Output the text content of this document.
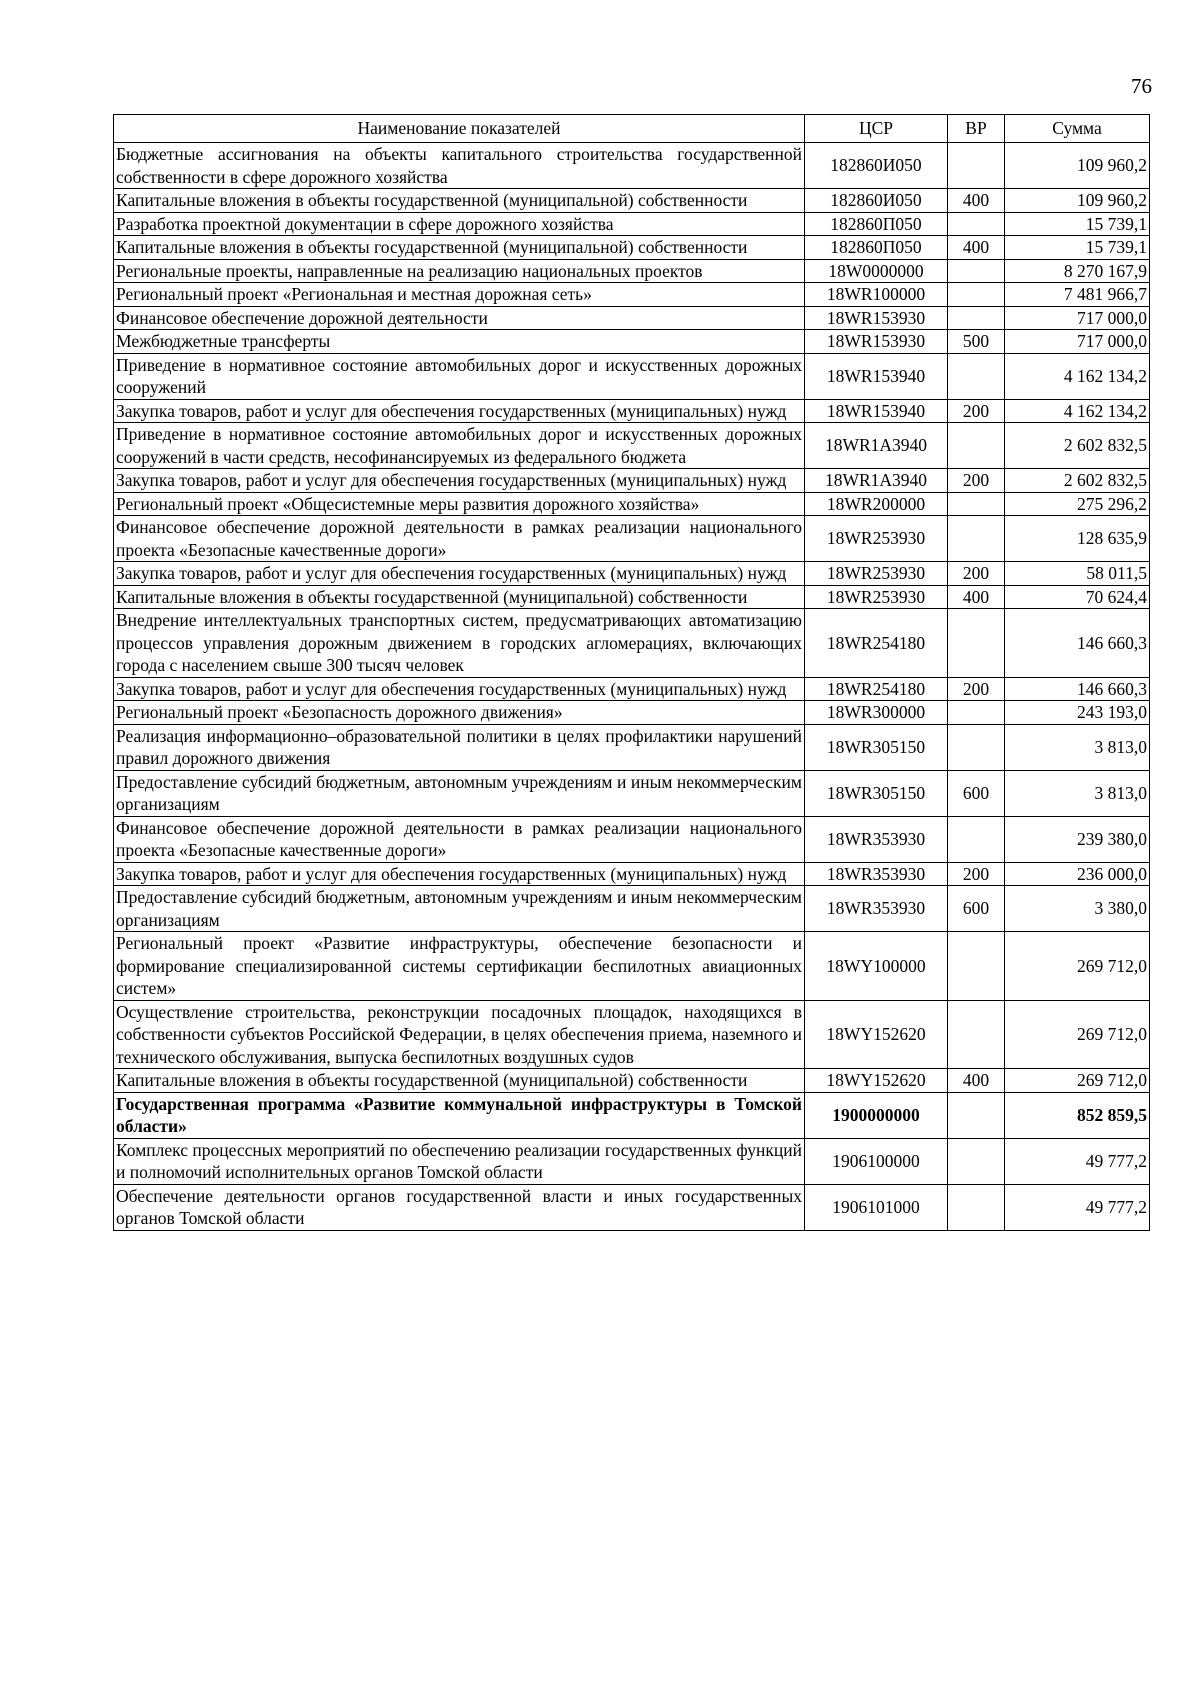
76
Наименование показателей	ЦСР	ВР	Сумма
Бюджетные ассигнования на объекты капитального строительства государственной собственности в сфере дорожного хозяйства	182860И050		109 960,2
Капитальные вложения в объекты государственной (муниципальной) собственности	182860И050	400	109 960,2
Разработка проектной документации в сфере дорожного хозяйства	182860П050		15 739,1
Капитальные вложения в объекты государственной (муниципальной) собственности	182860П050	400	15 739,1
Региональные проекты, направленные на реализацию национальных проектов	18W0000000		8 270 167,9
Региональный проект «Региональная и местная дорожная сеть»	18WR100000		7 481 966,7
Финансовое обеспечение дорожной деятельности	18WR153930		717 000,0
Межбюджетные трансферты	18WR153930	500	717 000,0
Приведение в нормативное состояние автомобильных дорог и искусственных дорожных сооружений	18WR153940		4 162 134,2
Закупка товаров, работ и услуг для обеспечения государственных (муниципальных) нужд	18WR153940	200	4 162 134,2
Приведение в нормативное состояние автомобильных дорог и искусственных дорожных сооружений в части средств, несофинансируемых из федерального бюджета	18WR1A3940		2 602 832,5
Закупка товаров, работ и услуг для обеспечения государственных (муниципальных) нужд	18WR1A3940	200	2 602 832,5
Региональный проект «Общесистемные меры развития дорожного хозяйства»	18WR200000		275 296,2
Финансовое обеспечение дорожной деятельности в рамках реализации национального проекта «Безопасные качественные дороги»	18WR253930		128 635,9
Закупка товаров, работ и услуг для обеспечения государственных (муниципальных) нужд	18WR253930	200	58 011,5
Капитальные вложения в объекты государственной (муниципальной) собственности	18WR253930	400	70 624,4
Внедрение интеллектуальных транспортных систем, предусматривающих автоматизацию процессов управления дорожным движением в городских агломерациях, включающих города с населением свыше 300 тысяч человек	18WR254180		146 660,3
Закупка товаров, работ и услуг для обеспечения государственных (муниципальных) нужд	18WR254180	200	146 660,3
Региональный проект «Безопасность дорожного движения»	18WR300000		243 193,0
Реализация информационно–образовательной политики в целях профилактики нарушений правил дорожного движения	18WR305150		3 813,0
Предоставление субсидий бюджетным, автономным учреждениям и иным некоммерческим организациям	18WR305150	600	3 813,0
Финансовое обеспечение дорожной деятельности в рамках реализации национального проекта «Безопасные качественные дороги»	18WR353930		239 380,0
Закупка товаров, работ и услуг для обеспечения государственных (муниципальных) нужд	18WR353930	200	236 000,0
Предоставление субсидий бюджетным, автономным учреждениям и иным некоммерческим организациям	18WR353930	600	3 380,0
Региональный проект «Развитие инфраструктуры, обеспечение безопасности и формирование специализированной системы сертификации беспилотных авиационных систем»	18WY100000		269 712,0
Осуществление строительства, реконструкции посадочных площадок, находящихся в собственности субъектов Российской Федерации, в целях обеспечения приема, наземного и технического обслуживания, выпуска беспилотных воздушных судов	18WY152620		269 712,0
Капитальные вложения в объекты государственной (муниципальной) собственности	18WY152620	400	269 712,0
Государственная программа «Развитие коммунальной инфраструктуры в Томской области»	1900000000		852 859,5
Комплекс процессных мероприятий по обеспечению реализации государственных функций и полномочий исполнительных органов Томской области	1906100000		49 777,2
Обеспечение деятельности органов государственной власти и иных государственных органов Томской области	1906101000		49 777,2
